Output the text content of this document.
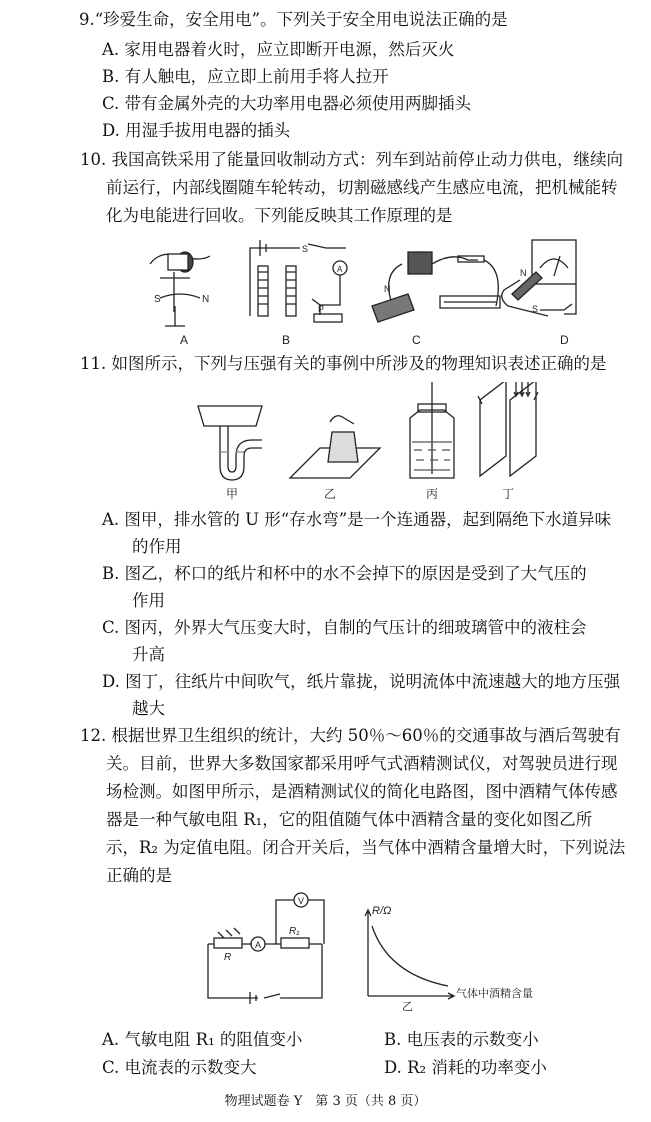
9.“珍爱生命，安全用电”。下列关于安全用电说法正确的是
A. 家用电器着火时，应立即断开电源，然后灭火
B. 有人触电，应立即上前用手将人拉开
C. 带有金属外壳的大功率用电器必须使用两脚插头
D. 用湿手拔用电器的插头
10. 我国高铁采用了能量回收制动方式：列车到站前停止动力供电，继续向
前运行，内部线圈随车轮转动，切割磁感线产生感应电流，把机械能转
化为电能进行回收。下列能反映其工作原理的是
S	N
A
S
A
P
B
N
C
N
S
D
11. 如图所示，下列与压强有关的事例中所涉及的物理知识表述正确的是
甲	乙	丙	丁
A. 图甲，排水管的 U 形“存水弯”是一个连通器，起到隔绝下水道异味
的作用
B. 图乙，杯口的纸片和杯中的水不会掉下的原因是受到了大气压的
作用
C. 图丙，外界大气压变大时，自制的气压计的细玻璃管中的液柱会
升高
D. 图丁，往纸片中间吹气，纸片靠拢，说明流体中流速越大的地方压强
越大
12. 根据世界卫生组织的统计，大约 50％～60％的交通事故与酒后驾驶有
关。目前，世界大多数国家都采用呼气式酒精测试仪，对驾驶员进行现
场检测。如图甲所示，是酒精测试仪的简化电路图，图中酒精气体传感
器是一种气敏电阻 R₁，它的阻值随气体中酒精含量的变化如图乙所
示，R₂ 为定值电阻。闭合开关后，当气体中酒精含量增大时，下列说法
正确的是
V
A
R
R₁
R/Ω
气体中酒精含量
乙
A. 气敏电阻 R₁ 的阻值变小	B. 电压表的示数变小
C. 电流表的示数变大	D. R₂ 消耗的功率变小
物理试题卷 Y　第 3 页（共 8 页）
